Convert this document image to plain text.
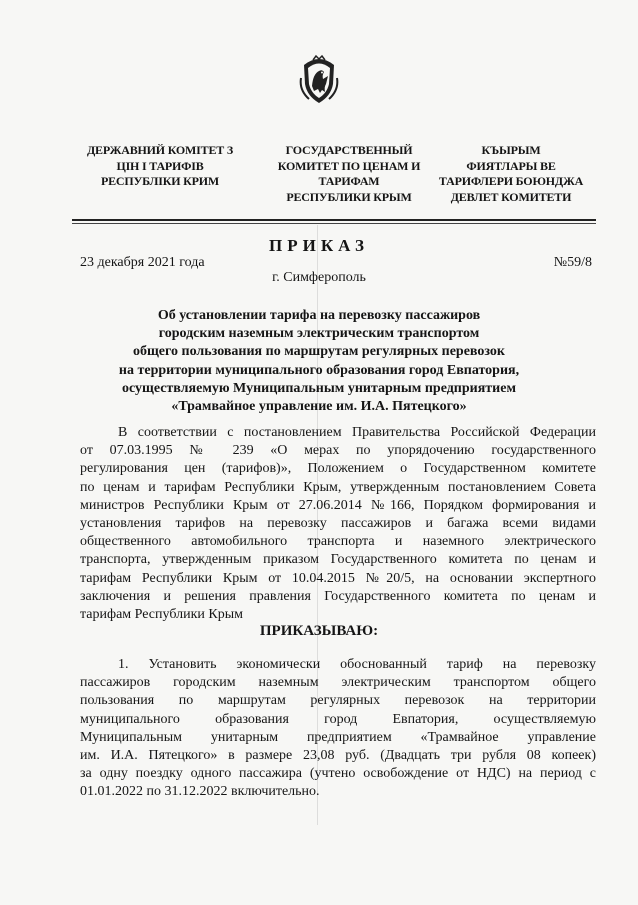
ДЕРЖАВНИЙ КОМІТЕТ З
ЦІН І ТАРИФІВ
РЕСПУБЛІКИ КРИМ
ГОСУДАРСТВЕННЫЙ
КОМИТЕТ ПО ЦЕНАМ И
ТАРИФАМ
РЕСПУБЛИКИ КРЫМ
КЪЫРЫМ
ФИЯТЛАРЫ ВЕ
ТАРИФЛЕРИ БОЮНДЖА
ДЕВЛЕТ КОМИТЕТИ
ПРИКАЗ
23 декабря 2021 года	№59/8
г. Симферополь
Об установлении тарифа на перевозку пассажиров
городским наземным электрическим транспортом
общего пользования по маршрутам регулярных перевозок
на территории муниципального образования город Евпатория,
осуществляемую Муниципальным унитарным предприятием
«Трамвайное управление им. И.А. Пятецкого»
В соответствии с постановлением Правительства Российской Федерации
от 07.03.1995 № 239 «О мерах по упорядочению государственного
регулирования цен (тарифов)», Положением о Государственном комитете
по ценам и тарифам Республики Крым, утвержденным постановлением Совета
министров Республики Крым от 27.06.2014 №166, Порядком формирования и
установления тарифов на перевозку пассажиров и багажа всеми видами
общественного автомобильного транспорта и наземного электрического
транспорта, утвержденным приказом Государственного комитета по ценам и
тарифам Республики Крым от 10.04.2015 №20/5, на основании экспертного
заключения и решения правления Государственного комитета по ценам и
тарифам Республики Крым
ПРИКАЗЫВАЮ:
1. Установить экономически обоснованный тариф на перевозку
пассажиров городским наземным электрическим транспортом общего
пользования по маршрутам регулярных перевозок на территории
муниципального образования город Евпатория, осуществляемую
Муниципальным унитарным предприятием «Трамвайное управление
им. И.А. Пятецкого» в размере 23,08 руб. (Двадцать три рубля 08 копеек)
за одну поездку одного пассажира (учтено освобождение от НДС) на период с
01.01.2022 по 31.12.2022 включительно.
